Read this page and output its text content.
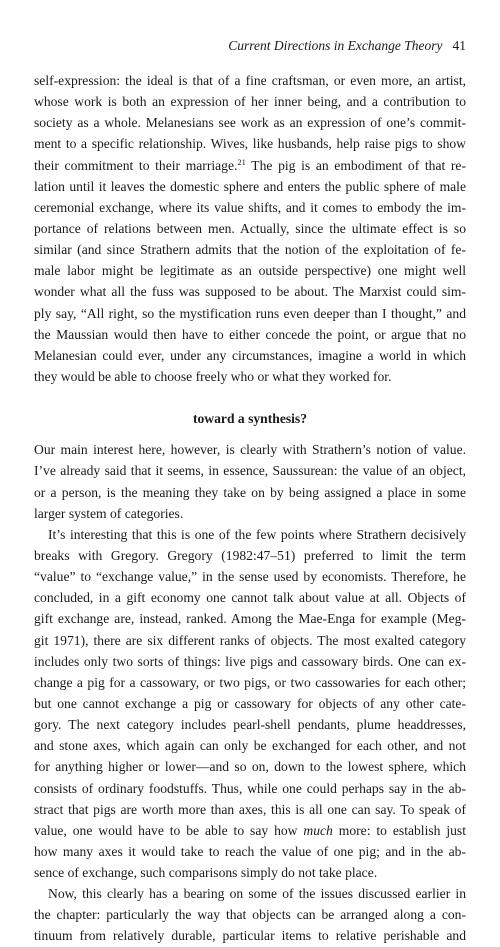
Current Directions in Exchange Theory 41
self-expression: the ideal is that of a fine craftsman, or even more, an artist,
whose work is both an expression of her inner being, and a contribution to
society as a whole. Melanesians see work as an expression of one’s commit-
ment to a specific relationship. Wives, like husbands, help raise pigs to show
their commitment to their marriage.$^{21}$ The pig is an embodiment of that re-
lation until it leaves the domestic sphere and enters the public sphere of male
ceremonial exchange, where its value shifts, and it comes to embody the im-
portance of relations between men. Actually, since the ultimate effect is so
similar (and since Strathern admits that the notion of the exploitation of fe-
male labor might be legitimate as an outside perspective) one might well
wonder what all the fuss was supposed to be about. The Marxist could sim-
ply say, “All right, so the mystification runs even deeper than I thought,” and
the Maussian would then have to either concede the point, or argue that no
Melanesian could ever, under any circumstances, imagine a world in which
they would be able to choose freely who or what they worked for.
toward a synthesis?
Our main interest here, however, is clearly with Strathern’s notion of value.
I’ve already said that it seems, in essence, Saussurean: the value of an object,
or a person, is the meaning they take on by being assigned a place in some
larger system of categories.
It’s interesting that this is one of the few points where Strathern decisively
breaks with Gregory. Gregory (1982:47–51) preferred to limit the term
“value” to “exchange value,” in the sense used by economists. Therefore, he
concluded, in a gift economy one cannot talk about value at all. Objects of
gift exchange are, instead, ranked. Among the Mae-Enga for example (Meg-
git 1971), there are six different ranks of objects. The most exalted category
includes only two sorts of things: live pigs and cassowary birds. One can ex-
change a pig for a cassowary, or two pigs, or two cassowaries for each other;
but one cannot exchange a pig or cassowary for objects of any other cate-
gory. The next category includes pearl-shell pendants, plume headdresses,
and stone axes, which again can only be exchanged for each other, and not
for anything higher or lower—and so on, down to the lowest sphere, which
consists of ordinary foodstuffs. Thus, while one could perhaps say in the ab-
stract that pigs are worth more than axes, this is all one can say. To speak of
value, one would have to be able to say how much more: to establish just
how many axes it would take to reach the value of one pig; and in the ab-
sence of exchange, such comparisons simply do not take place.
Now, this clearly has a bearing on some of the issues discussed earlier in
the chapter: particularly the way that objects can be arranged along a con-
tinuum from relatively durable, particular items to relative perishable and
